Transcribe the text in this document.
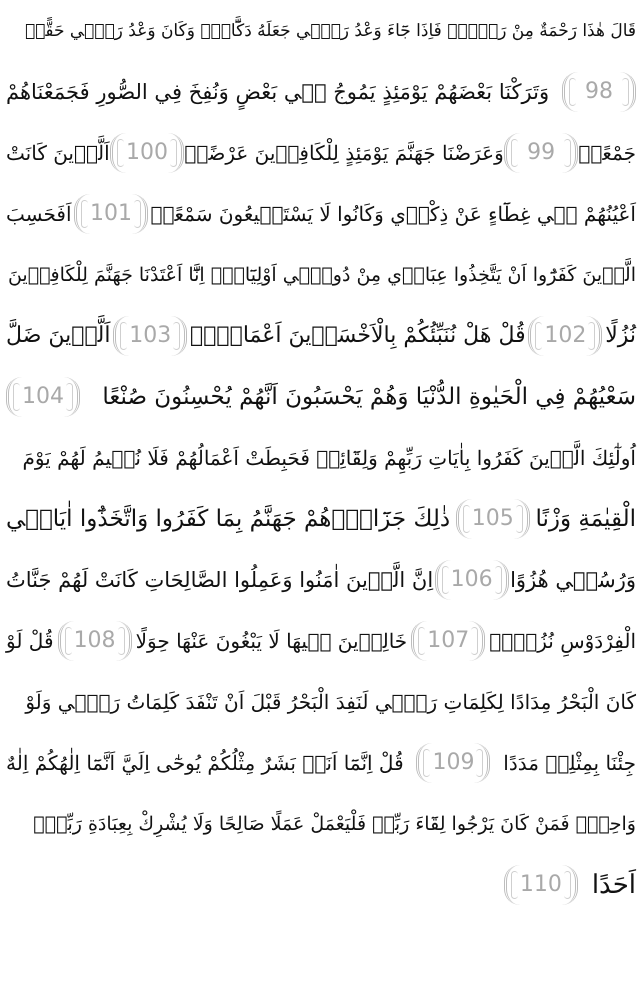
قَالَ هٰذَا رَحْمَةٌ مِنْ رَبّٖيۚ فَاِذَا جَٓاءَ وَعْدُ رَبّٖي جَعَلَهُ دَكَّٓاءَۚ وَكَانَ وَعْدُ رَبّٖي حَقًّاۜ
98
وَتَرَكْنَا بَعْضَهُمْ يَوْمَئِذٍ يَمُوجُ فٖي بَعْضٍ وَنُفِخَ فِي الصُّورِ فَجَمَعْنَاهُمْ
جَمْعًاۙ
99
وَعَرَضْنَا جَهَنَّمَ يَوْمَئِذٍ لِلْكَافِرٖينَ عَرْضًاۙ
100
اَلَّذٖينَ كَانَتْ
اَعْيُنُهُمْ فٖي غِطَٓاءٍ عَنْ ذِكْرٖي وَكَانُوا لَا يَسْتَطٖيعُونَ سَمْعًاۚ
101
اَفَحَسِبَ
الَّذٖينَ كَفَرُٓوا اَنْ يَتَّخِذُوا عِبَادٖي مِنْ دُونٖٓي اَوْلِيَٓاءَۜ اِنَّٓا اَعْتَدْنَا جَهَنَّمَ لِلْكَافِرٖينَ
نُزُلًا
102
قُلْ هَلْ نُنَبِّئُكُمْ بِالْاَخْسَرٖينَ اَعْمَالًاۜ
103
اَلَّذٖينَ ضَلَّ
سَعْيُهُمْ فِي الْحَيٰوةِ الدُّنْيَا وَهُمْ يَحْسَبُونَ اَنَّهُمْ يُحْسِنُونَ صُنْعًا
104
اُولٰٓئِكَ الَّذٖينَ كَفَرُوا بِاٰيَاتِ رَبِّهِمْ وَلِقَٓائِهٖ فَحَبِطَتْ اَعْمَالُهُمْ فَلَا نُقٖيمُ لَهُمْ يَوْمَ
الْقِيٰمَةِ وَزْنًا
105
ذٰلِكَ جَزَٓاؤُ۬هُمْ جَهَنَّمُ بِمَا كَفَرُوا وَاتَّخَذُٓوا اٰيَاتٖي
وَرُسُلٖي هُزُوًا
106
اِنَّ الَّذٖينَ اٰمَنُوا وَعَمِلُوا الصَّالِحَاتِ كَانَتْ لَهُمْ جَنَّاتُ
الْفِرْدَوْسِ نُزُلًاۙ
107
خَالِدٖينَ فٖيهَا لَا يَبْغُونَ عَنْهَا حِوَلًا
108
قُلْ لَوْ
كَانَ الْبَحْرُ مِدَادًا لِكَلِمَاتِ رَبّٖي لَنَفِدَ الْبَحْرُ قَبْلَ اَنْ تَنْفَدَ كَلِمَاتُ رَبّٖي وَلَوْ
جِئْنَا بِمِثْلِهٖ مَدَدًا
109
قُلْ اِنَّمَٓا اَنَا۬ بَشَرٌ مِثْلُكُمْ يُوحٰٓى اِلَيَّ اَنَّمَٓا اِلٰهُكُمْ اِلٰهٌ
وَاحِدٌۚ فَمَنْ كَانَ يَرْجُوا لِقَٓاءَ رَبِّهٖ فَلْيَعْمَلْ عَمَلًا صَالِحًا وَلَا يُشْرِكْ بِعِبَادَةِ رَبِّهٖٓ
اَحَدًا
110
